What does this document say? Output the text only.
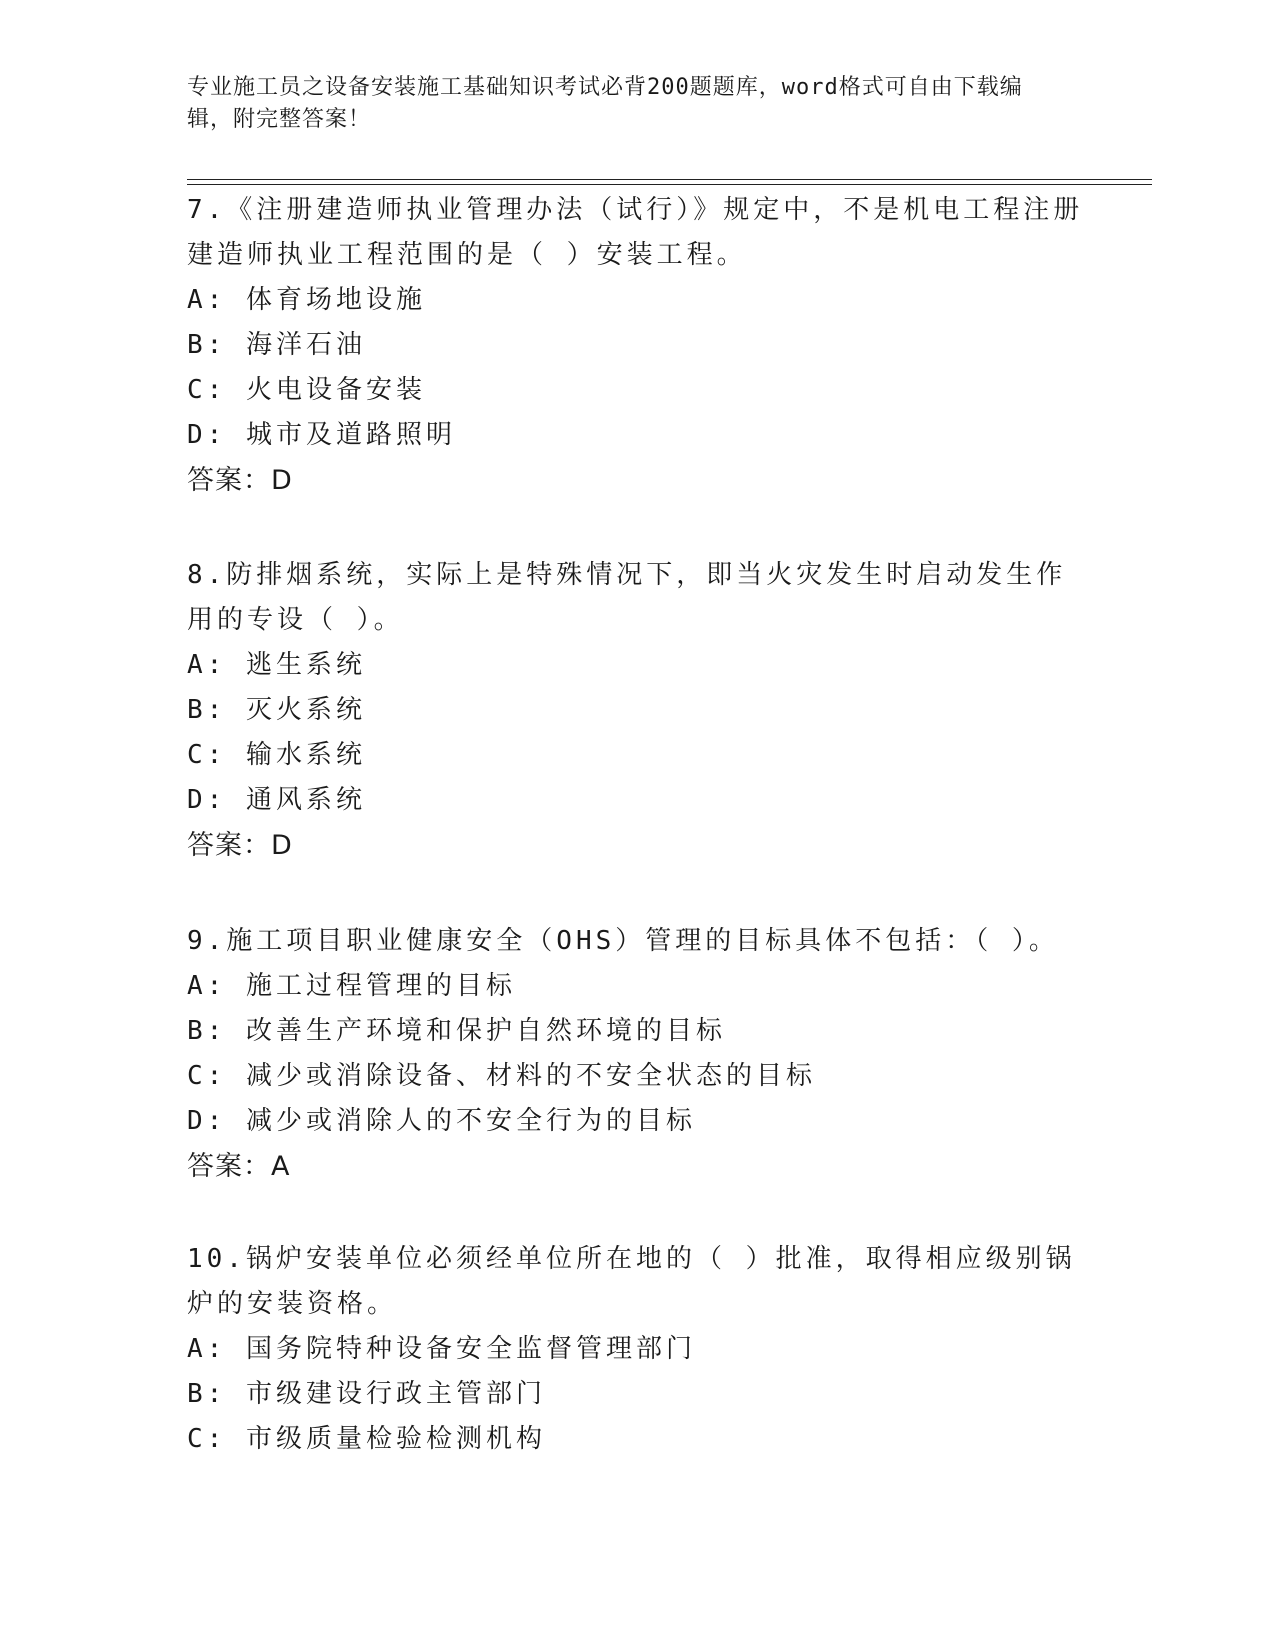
专业施工员之设备安装施工基础知识考试必背200题题库，word格式可自由下载编辑，附完整答案！

7.《注册建造师执业管理办法（试行）》规定中，不是机电工程注册建造师执业工程范围的是（ ）安装工程。

A: 体育场地设施

B: 海洋石油

C: 火电设备安装

D: 城市及道路照明

答案：D

8.防排烟系统，实际上是特殊情况下，即当火灾发生时启动发生作用的专设（ ）。

A: 逃生系统

B: 灭火系统

C: 输水系统

D: 通风系统

答案：D

9.施工项目职业健康安全（OHS）管理的目标具体不包括：（ ）。

A: 施工过程管理的目标

B: 改善生产环境和保护自然环境的目标

C: 减少或消除设备、材料的不安全状态的目标

D: 减少或消除人的不安全行为的目标

答案：A

10.锅炉安装单位必须经单位所在地的（ ）批准，取得相应级别锅炉的安装资格。

A: 国务院特种设备安全监督管理部门

B: 市级建设行政主管部门

C: 市级质量检验检测机构
